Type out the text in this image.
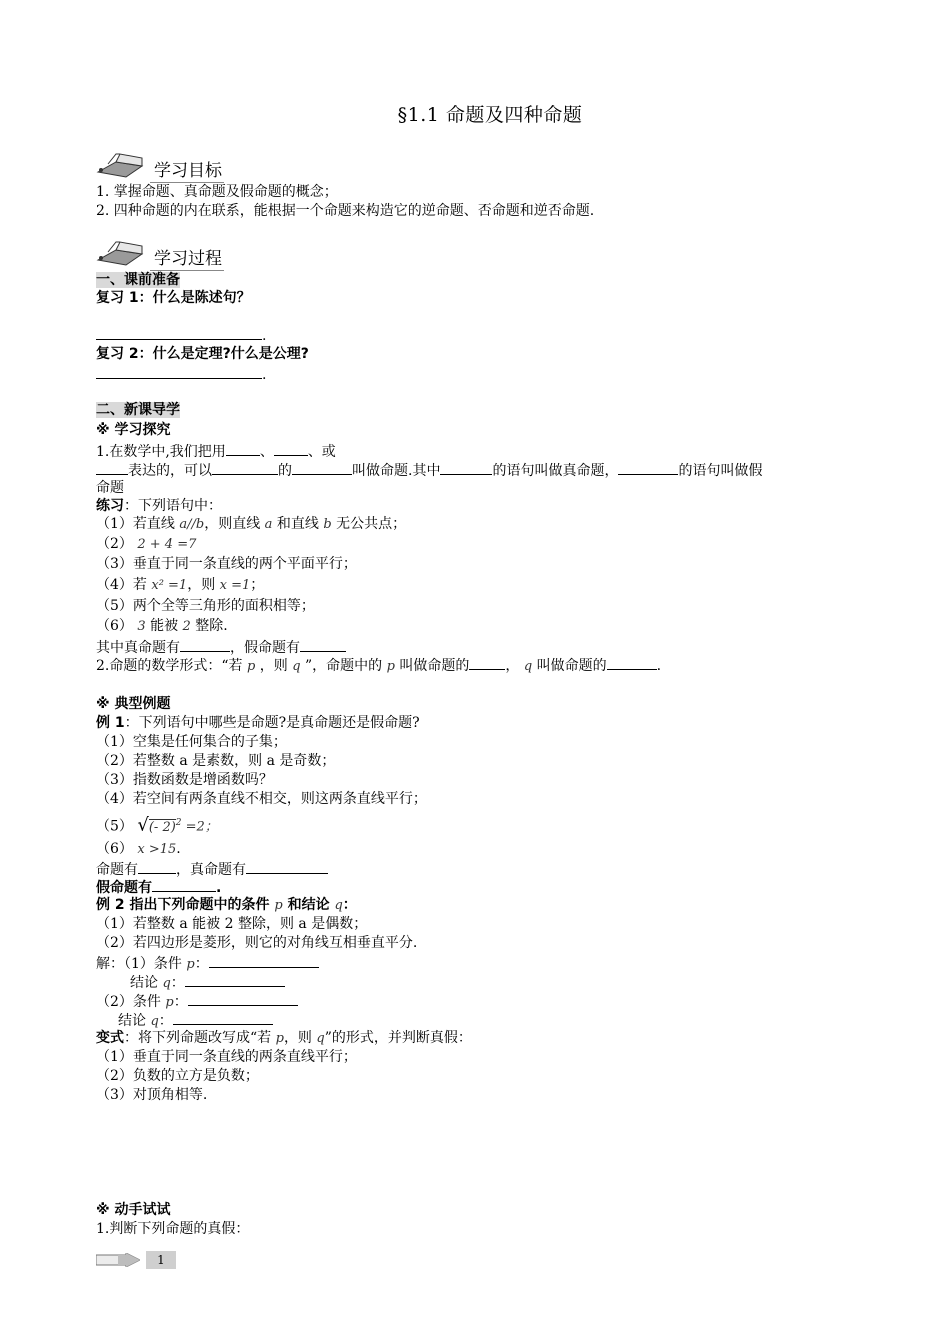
§1.1 命题及四种命题
学习目标
1. 掌握命题、真命题及假命题的概念；
2. 四种命题的内在联系，能根据一个命题来构造它的逆命题、否命题和逆否命题.
学习过程
一、课前准备
复习 1：什么是陈述句？
.
复习 2：什么是定理?什么是公理?
.
二、新课导学
※ 学习探究
1.在数学中,我们把用 、 、或
表达的，可以	的	叫做命题.其中	的语句叫做真命题，	的语句叫做假
命题
练习：下列语句中：
（1）若直线 a//b，则直线 a 和直线 b 无公共点；
（2） 2 + 4 =7
（3）垂直于同一条直线的两个平面平行；
（4）若 x² =1，则 x =1；
（5）两个全等三角形的面积相等；
（6） 3 能被 2 整除.
其中真命题有	，假命题有
2.命题的数学形式：“若 p ，则 q ”，命题中的 p 叫做命题的	， q 叫做命题的	.
※ 典型例题
例 1：下列语句中哪些是命题?是真命题还是假命题?
（1）空集是任何集合的子集；
（2）若整数 a 是素数，则 a 是奇数；
（3）指数函数是增函数吗？
（4）若空间有两条直线不相交，则这两条直线平行；
（5） √(- 2)$^2$ =2；
（6） x >15.
命题有	，真命题有
假命题有	.
例 2 指出下列命题中的条件 p 和结论 q：
（1）若整数 a 能被 2 整除，则 a 是偶数；
（2）若四边形是菱形，则它的对角线互相垂直平分.
解：（1）条件 p：
结论 q：
（2）条件 p：
结论 q：
变式：将下列命题改写成“若 p，则 q”的形式，并判断真假：
（1）垂直于同一条直线的两条直线平行；
（2）负数的立方是负数；
（3）对顶角相等.
※ 动手试试
1.判断下列命题的真假：
1
